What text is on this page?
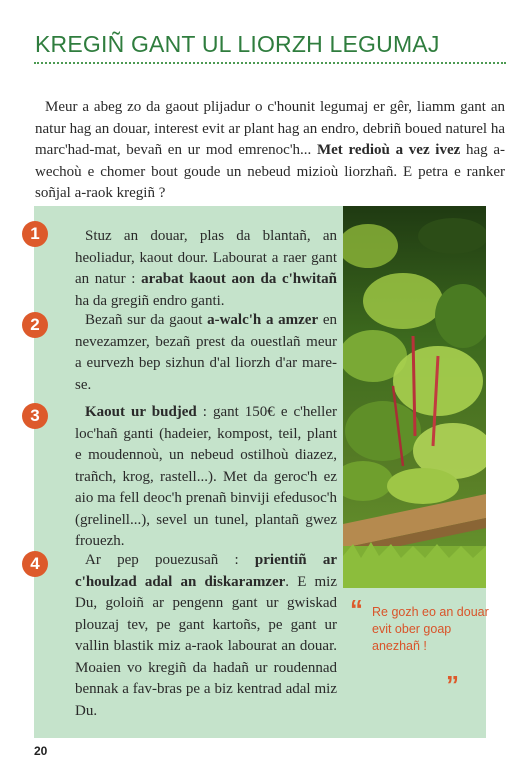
KREGIÑ GANT UL LIORZH LEGUMAJ

Meur a abeg zo da gaout plijadur o c'hounit legumaj er gêr, liamm gant an natur hag an douar, interest evit ar plant hag an endro, debriñ boued naturel ha marc'had-mat, bevañ en ur mod emrenoc'h... Met redioù a vez ivez hag a-wechoù e chomer bout goude un nebeud mizioù liorzhañ. E petra e ranker soñjal a-raok kregiñ ?

1	Stuz an douar, plas da blantañ, an heoliadur, kaout dour. Labourat a raer gant an natur : arabat kaout aon da c'hwitañ ha da gregiñ endro ganti.

2	Bezañ sur da gaout a-walc'h a amzer en nevezamzer, bezañ prest da ouestlañ meur a eurvezh bep sizhun d'al liorzh d'ar mare-se.

3	Kaout ur budjed : gant 150€ e c'heller loc'hañ ganti (hadeier, kompost, teil, plant e moudennoù, un nebeud ostilhoù diazez, trañch, krog, rastell...). Met da geroc'h ez aio ma fell deoc'h prenañ binviji efedusoc'h (grelinell...), sevel un tunel, plantañ gwez frouezh.

4	Ar pep pouezusañ : prientiñ ar c'houlzad adal an diskaramzer. E miz Du, goloiñ ar pengenn gant ur gwiskad plouzaj tev, pe gant kartoñs, pe gant ur vallin blastik miz a-raok labourat an douar. Moaien vo kregiñ da hadañ ur roudennad bennak a fav-bras pe a biz kentrad adal miz Du.

“ Re gozh eo an douar evit ober goap anezhañ !
”
20
